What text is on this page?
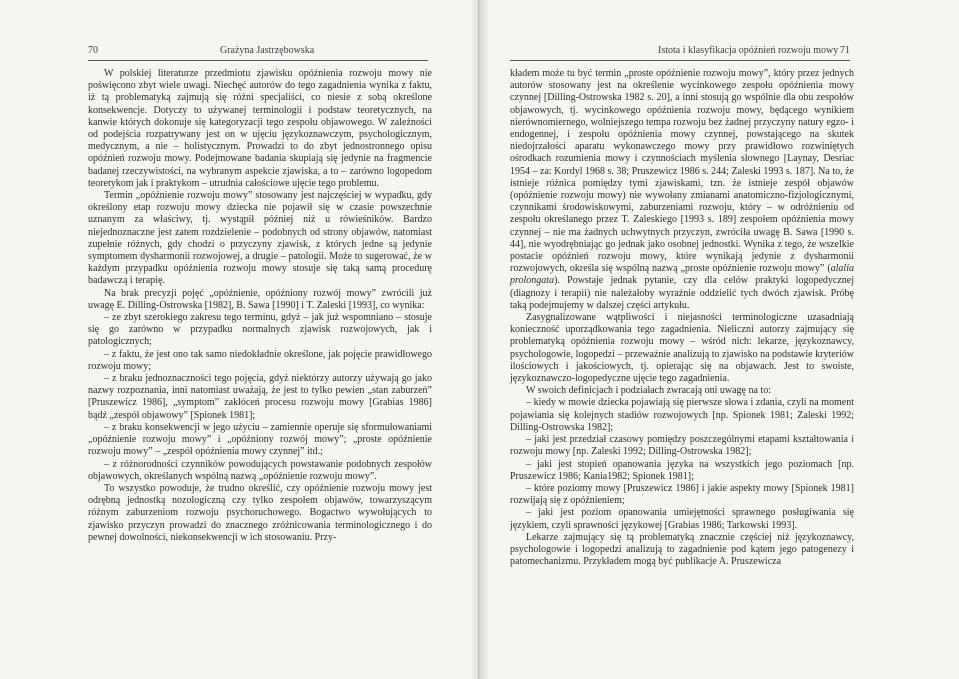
70	Grażyna Jastrzębowska

W polskiej literaturze przedmiotu zjawisku opóźnienia rozwoju mowy nie poświęcono zbyt wiele uwagi. Niechęć autorów do tego zagadnienia wynika z faktu, iż tą problematyką zajmują się różni specjaliści, co niesie z sobą określone konsekwencje. Dotyczy to używanej terminologii i podstaw teoretycznych, na kanwie których dokonuje się kategoryzacji tego zespołu objawowego. W zależności od podejścia rozpatrywany jest on w ujęciu językoznawczym, psychologicznym, medycznym, a nie – holistycznym. Prowadzi to do zbyt jednostronnego opisu opóźnień rozwoju mowy. Podejmowane badania skupiają się jedynie na fragmencie badanej rzeczywistości, na wybranym aspekcie zjawiska, a to – zarówno logopedom teoretykom jak i praktykom – utrudnia całościowe ujęcie tego problemu.

Termin „opóźnienie rozwoju mowy” stosowany jest najczęściej w wypadku, gdy określony etap rozwoju mowy dziecka nie pojawił się w czasie powszechnie uznanym za właściwy, tj. wystąpił później niż u rówieśników. Bardzo niejednoznaczne jest zatem rozdzielenie – podobnych od strony objawów, natomiast zupełnie różnych, gdy chodzi o przyczyny zjawisk, z których jedne są jedynie symptomem dysharmonii rozwojowej, a drugie – patologii. Może to sugerować, że w każdym przypadku opóźnienia rozwoju mowy stosuje się taką samą procedurę badawczą i terapię.

Na brak precyzji pojęć „opóźnienie, opóźniony rozwój mowy” zwrócili już uwagę E. Dilling-Ostrowska [1982], B. Sawa [1990] i T. Zaleski [1993], co wynika:

– ze zbyt szerokiego zakresu tego terminu, gdyż – jak już wspomniano – stosuje się go zarówno w przypadku normalnych zjawisk rozwojowych, jak i patologicznych;

– z faktu, że jest ono tak samo niedokładnie określone, jak pojęcie prawidłowego rozwoju mowy;

– z braku jednoznaczności tego pojęcia, gdyż niektórzy autorzy używają go jako nazwy rozpoznania, inni natomiast uważają, że jest to tylko pewien „stan zaburzeń” [Pruszewicz 1986], „symptom” zakłóceń procesu rozwoju mowy [Grabias 1986] bądź „zespół objawowy” [Spionek 1981];

– z braku konsekwencji w jego użyciu – zamiennie operuje się sformułowaniami „opóźnienie rozwoju mowy” i „opóźniony rozwój mowy”; „proste opóźnienie rozwoju mowy” – „zespół opóźnienia mowy czynnej” itd.;

– z różnorodności czynników powodujących powstawanie podobnych zespołów objawowych, określanych wspólną nazwą „opóźnienie rozwoju mowy”.

To wszystko powoduje, że trudno określić, czy opóźnienie rozwoju mowy jest odrębną jednostką nozologiczną czy tylko zespołem objawów, towarzyszącym różnym zaburzeniom rozwoju psychoruchowego. Bogactwo wywołujących to zjawisko przyczyn prowadzi do znacznego zróżnicowania terminologicznego i do pewnej dowolności, niekonsekwencji w ich stosowaniu. Przy-

Istota i klasyfikacja opóźnień rozwoju mowy 71

kładem może tu być termin „proste opóźnienie rozwoju mowy”, który przez jednych autorów stosowany jest na określenie wycinkowego zespołu opóźnienia mowy czynnej [Dilling-Ostrowska 1982 s. 20], a inni stosują go wspólnie dla obu zespołów objawowych, tj. wycinkowego opóźnienia rozwoju mowy, będącego wynikiem nierównomiernego, wolniejszego tempa rozwoju bez żadnej przyczyny natury egzo- i endogennej, i zespołu opóźnienia mowy czynnej, powstającego na skutek niedojrzałości aparatu wykonawczego mowy przy prawidłowo rozwiniętych ośrodkach rozumienia mowy i czynnościach myślenia słownego [Laynay, Desriac 1954 – za: Kordyl 1968 s. 38; Pruszewicz 1986 s. 244; Zaleski 1993 s. 187]. Na to, że istnieje różnica pomiędzy tymi zjawiskami, tzn. że istnieje zespół objawów (opóźnienie rozwoju mowy) nie wywołany zmianami anatomiczno-fizjologicznymi, czynnikami środowiskowymi, zaburzeniami rozwoju, który – w odróżnieniu od zespołu określanego przez T. Zaleskiego [1993 s. 189] zespołem opóźnienia mowy czynnej – nie ma żadnych uchwytnych przyczyn, zwróciła uwagę B. Sawa [1990 s. 44], nie wyodrębniając go jednak jako osobnej jednostki. Wynika z tego, że wszelkie postacie opóźnień rozwoju mowy, które wynikają jedynie z dysharmonii rozwojowych, określa się wspólną nazwą „proste opóźnienie rozwoju mowy” (alalia prolongata). Powstaje jednak pytanie, czy dla celów praktyki logopedycznej (diagnozy i terapii) nie należałoby wyraźnie oddzielić tych dwóch zjawisk. Próbę taką podejmujemy w dalszej części artykułu.

Zasygnalizowane wątpliwości i niejasności terminologiczne uzasadniają konieczność uporządkowania tego zagadnienia. Nieliczni autorzy zajmujący się problematyką opóźnienia rozwoju mowy – wśród nich: lekarze, językoznawcy, psychologowie, logopedzi – przeważnie analizują to zjawisko na podstawie kryteriów ilościowych i jakościowych, tj. opierając się na objawach. Jest to swoiste, językoznawczo-logopedyczne ujęcie tego zagadnienia.

W swoich definicjach i podziałach zwracają oni uwagę na to:

– kiedy w mowie dziecka pojawiają się pierwsze słowa i zdania, czyli na moment pojawiania się kolejnych stadiów rozwojowych [np. Spionek 1981; Zaleski 1992; Dilling-Ostrowska 1982];

– jaki jest przedział czasowy pomiędzy poszczególnymi etapami kształtowania i rozwoju mowy [np. Zaleski 1992; Dilling-Ostrowska 1982];

– jaki jest stopień opanowania języka na wszystkich jego poziomach [np. Pruszewicz 1986; Kania1982; Spionek 1981];

– które poziomy mowy [Pruszewicz 1986] i jakie aspekty mowy [Spionek 1981] rozwijają się z opóźnieniem;

– jaki jest poziom opanowania umiejętności sprawnego posługiwania się językiem, czyli sprawności językowej [Grabias 1986; Tarkowski 1993].

Lekarze zajmujący się tą problematyką znacznie częściej niż językoznawcy, psychologowie i logopedzi analizują to zagadnienie pod kątem jego patogenezy i patomechanizmu. Przykładem mogą być publikacje A. Pruszewicza
